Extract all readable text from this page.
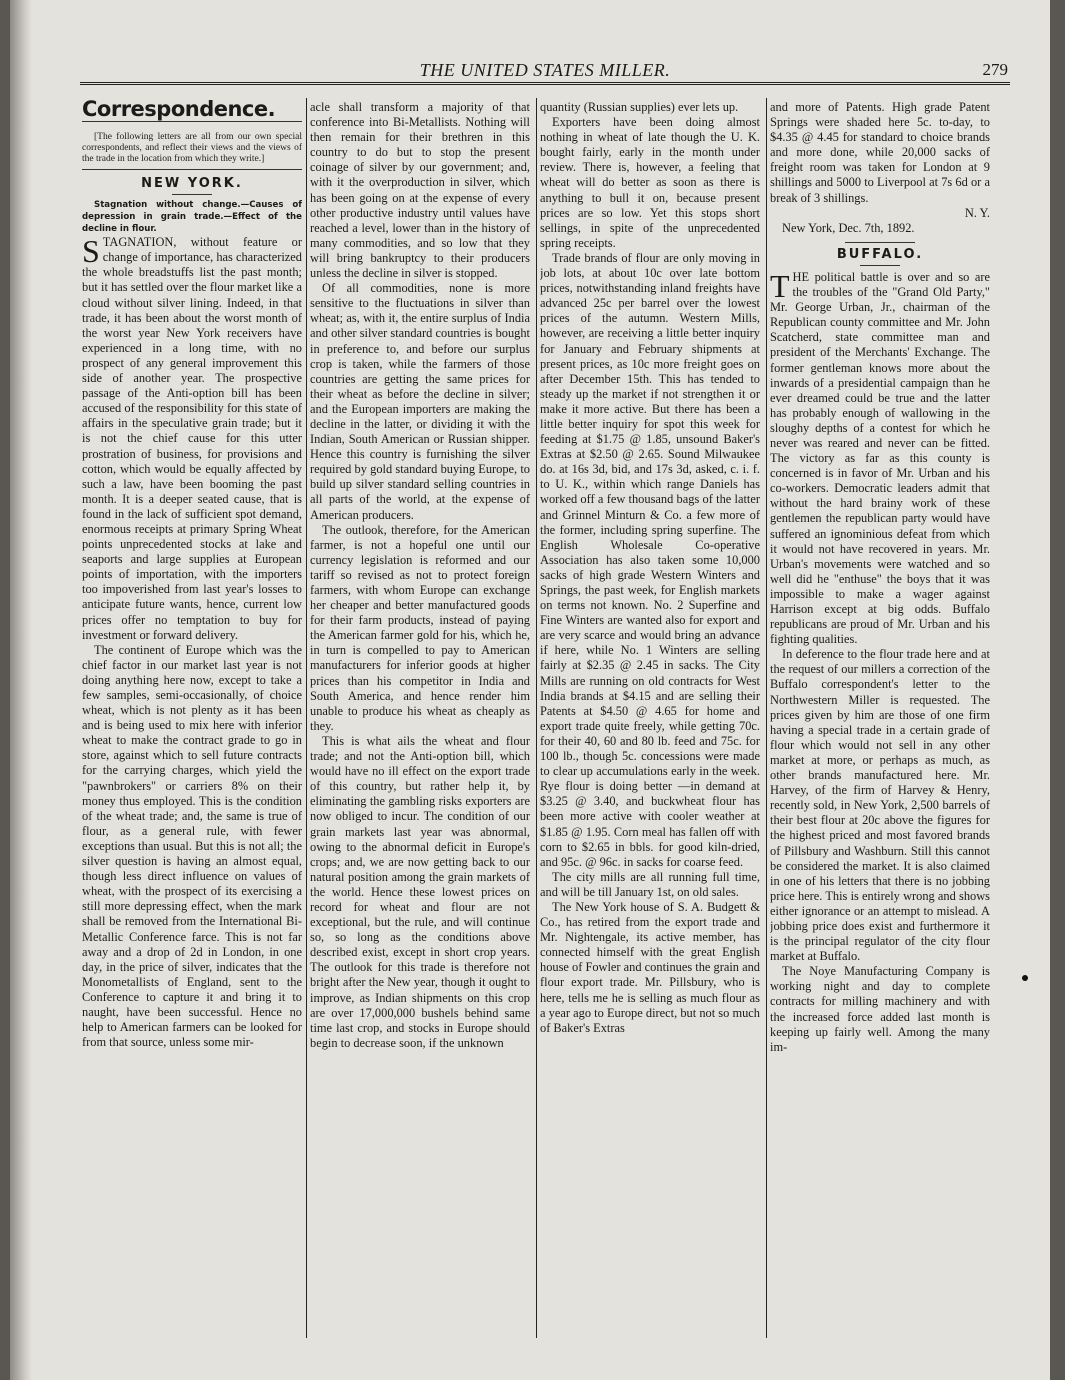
THE UNITED STATES MILLER.	279
Correspondence.

[The following letters are all from our own special correspondents, and reflect their views and the views of the trade in the location from which they write.]

NEW YORK.

Stagnation without change.—Causes of depression in grain trade.—Effect of the decline in flour.

STAGNATION, without feature or change of importance, has characterized the whole breadstuffs list the past month; but it has settled over the flour market like a cloud without silver lining. Indeed, in that trade, it has been about the worst month of the worst year New York receivers have experienced in a long time, with no prospect of any general improvement this side of another year. The prospective passage of the Anti-option bill has been accused of the responsibility for this state of affairs in the speculative grain trade; but it is not the chief cause for this utter prostration of business, for provisions and cotton, which would be equally affected by such a law, have been booming the past month. It is a deeper seated cause, that is found in the lack of sufficient spot demand, enormous receipts at primary Spring Wheat points unprecedented stocks at lake and seaports and large supplies at European points of importation, with the importers too impoverished from last year's losses to anticipate future wants, hence, current low prices offer no temptation to buy for investment or forward delivery.

The continent of Europe which was the chief factor in our market last year is not doing anything here now, except to take a few samples, semi-occasionally, of choice wheat, which is not plenty as it has been and is being used to mix here with inferior wheat to make the contract grade to go in store, against which to sell future contracts for the carrying charges, which yield the "pawnbrokers" or carriers 8% on their money thus employed. This is the condition of the wheat trade; and, the same is true of flour, as a general rule, with fewer exceptions than usual. But this is not all; the silver question is having an almost equal, though less direct influence on values of wheat, with the prospect of its exercising a still more depressing effect, when the mark shall be removed from the International Bi-Metallic Conference farce. This is not far away and a drop of 2d in London, in one day, in the price of silver, indicates that the Monometallists of England, sent to the Conference to capture it and bring it to naught, have been successful. Hence no help to American farmers can be looked for from that source, unless some mir-

acle shall transform a majority of that conference into Bi-Metallists. Nothing will then remain for their brethren in this country to do but to stop the present coinage of silver by our government; and, with it the overproduction in silver, which has been going on at the expense of every other productive industry until values have reached a level, lower than in the history of many commodities, and so low that they will bring bankruptcy to their producers unless the decline in silver is stopped.

Of all commodities, none is more sensitive to the fluctuations in silver than wheat; as, with it, the entire surplus of India and other silver standard countries is bought in preference to, and before our surplus crop is taken, while the farmers of those countries are getting the same prices for their wheat as before the decline in silver; and the European importers are making the decline in the latter, or dividing it with the Indian, South American or Russian shipper. Hence this country is furnishing the silver required by gold standard buying Europe, to build up silver standard selling countries in all parts of the world, at the expense of American producers.

The outlook, therefore, for the American farmer, is not a hopeful one until our currency legislation is reformed and our tariff so revised as not to protect foreign farmers, with whom Europe can exchange her cheaper and better manufactured goods for their farm products, instead of paying the American farmer gold for his, which he, in turn is compelled to pay to American manufacturers for inferior goods at higher prices than his competitor in India and South America, and hence render him unable to produce his wheat as cheaply as they.

This is what ails the wheat and flour trade; and not the Anti-option bill, which would have no ill effect on the export trade of this country, but rather help it, by eliminating the gambling risks exporters are now obliged to incur. The condition of our grain markets last year was abnormal, owing to the abnormal deficit in Europe's crops; and, we are now getting back to our natural position among the grain markets of the world. Hence these lowest prices on record for wheat and flour are not exceptional, but the rule, and will continue so, so long as the conditions above described exist, except in short crop years. The outlook for this trade is therefore not bright after the New year, though it ought to improve, as Indian shipments on this crop are over 17,000,000 bushels behind same time last crop, and stocks in Europe should begin to decrease soon, if the unknown

quantity (Russian supplies) ever lets up.

Exporters have been doing almost nothing in wheat of late though the U. K. bought fairly, early in the month under review. There is, however, a feeling that wheat will do better as soon as there is anything to bull it on, because present prices are so low. Yet this stops short sellings, in spite of the unprecedented spring receipts.

Trade brands of flour are only moving in job lots, at about 10c over late bottom prices, notwithstanding inland freights have advanced 25c per barrel over the lowest prices of the autumn. Western Mills, however, are receiving a little better inquiry for January and February shipments at present prices, as 10c more freight goes on after December 15th. This has tended to steady up the market if not strengthen it or make it more active. But there has been a little better inquiry for spot this week for feeding at $1.75 @ 1.85, unsound Baker's Extras at $2.50 @ 2.65. Sound Milwaukee do. at 16s 3d, bid, and 17s 3d, asked, c. i. f. to U. K., within which range Daniels has worked off a few thousand bags of the latter and Grinnel Minturn & Co. a few more of the former, including spring superfine. The English Wholesale Co-operative Association has also taken some 10,000 sacks of high grade Western Winters and Springs, the past week, for English markets on terms not known. No. 2 Superfine and Fine Winters are wanted also for export and are very scarce and would bring an advance if here, while No. 1 Winters are selling fairly at $2.35 @ 2.45 in sacks. The City Mills are running on old contracts for West India brands at $4.15 and are selling their Patents at $4.50 @ 4.65 for home and export trade quite freely, while getting 70c. for their 40, 60 and 80 lb. feed and 75c. for 100 lb., though 5c. concessions were made to clear up accumulations early in the week. Rye flour is doing better —in demand at $3.25 @ 3.40, and buckwheat flour has been more active with cooler weather at $1.85 @ 1.95. Corn meal has fallen off with corn to $2.65 in bbls. for good kiln-dried, and 95c. @ 96c. in sacks for coarse feed.

The city mills are all running full time, and will be till January 1st, on old sales.

The New York house of S. A. Budgett & Co., has retired from the export trade and Mr. Nightengale, its active member, has connected himself with the great English house of Fowler and continues the grain and flour export trade. Mr. Pillsbury, who is here, tells me he is selling as much flour as a year ago to Europe direct, but not so much of Baker's Extras

and more of Patents. High grade Patent Springs were shaded here 5c. to-day, to $4.35 @ 4.45 for standard to choice brands and more done, while 20,000 sacks of freight room was taken for London at 9 shillings and 5000 to Liverpool at 7s 6d or a break of 3 shillings.

N. Y.

New York, Dec. 7th, 1892.

BUFFALO.

THE political battle is over and so are the troubles of the "Grand Old Party," Mr. George Urban, Jr., chairman of the Republican county committee and Mr. John Scatcherd, state committee man and president of the Merchants' Exchange. The former gentleman knows more about the inwards of a presidential campaign than he ever dreamed could be true and the latter has probably enough of wallowing in the sloughy depths of a contest for which he never was reared and never can be fitted. The victory as far as this county is concerned is in favor of Mr. Urban and his co-workers. Democratic leaders admit that without the hard brainy work of these gentlemen the republican party would have suffered an ignominious defeat from which it would not have recovered in years. Mr. Urban's movements were watched and so well did he "enthuse" the boys that it was impossible to make a wager against Harrison except at big odds. Buffalo republicans are proud of Mr. Urban and his fighting qualities.

In deference to the flour trade here and at the request of our millers a correction of the Buffalo correspondent's letter to the Northwestern Miller is requested. The prices given by him are those of one firm having a special trade in a certain grade of flour which would not sell in any other market at more, or perhaps as much, as other brands manufactured here. Mr. Harvey, of the firm of Harvey & Henry, recently sold, in New York, 2,500 barrels of their best flour at 20c above the figures for the highest priced and most favored brands of Pillsbury and Washburn. Still this cannot be considered the market. It is also claimed in one of his letters that there is no jobbing price here. This is entirely wrong and shows either ignorance or an attempt to mislead. A jobbing price does exist and furthermore it is the principal regulator of the city flour market at Buffalo.

The Noye Manufacturing Company is working night and day to complete contracts for milling machinery and with the increased force added last month is keeping up fairly well. Among the many im-
